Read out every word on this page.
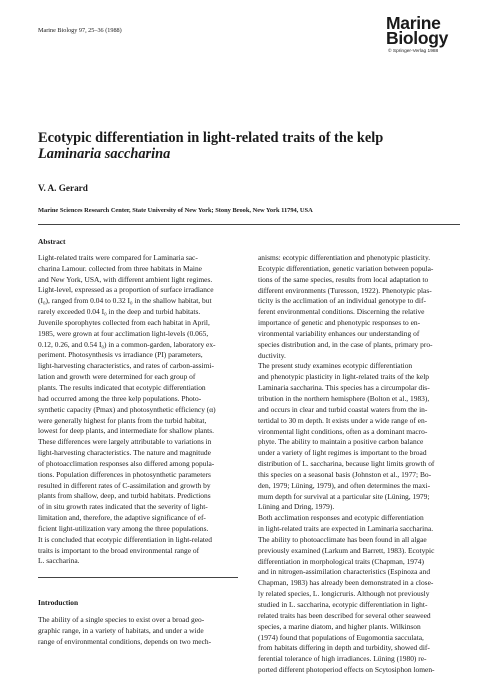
Marine Biology 97, 25–36 (1988)	Marine
Biology
© Springer-Verlag 1988
Ecotypic differentiation in light-related traits of the kelp
Laminaria saccharina
V. A. Gerard
Marine Sciences Research Center, State University of New York; Stony Brook, New York 11794, USA
Abstract
Light-related traits were compared for Laminaria sac-
charina Lamour. collected from three habitats in Maine
and New York, USA, with different ambient light regimes.
Light-level, expressed as a proportion of surface irradiance
(I₀), ranged from 0.04 to 0.32 I₀ in the shallow habitat, but
rarely exceeded 0.04 I₀ in the deep and turbid habitats.
Juvenile sporophytes collected from each habitat in April,
1985, were grown at four acclimation light-levels (0.065,
0.12, 0.26, and 0.54 I₀) in a common-garden, laboratory ex-
periment. Photosynthesis vs irradiance (PI) parameters,
light-harvesting characteristics, and rates of carbon-assimi-
lation and growth were determined for each group of
plants. The results indicated that ecotypic differentiation
had occurred among the three kelp populations. Photo-
synthetic capacity (Pmax) and photosynthetic efficiency (α)
were generally highest for plants from the turbid habitat,
lowest for deep plants, and intermediate for shallow plants.
These differences were largely attributable to variations in
light-harvesting characteristics. The nature and magnitude
of photoacclimation responses also differed among popula-
tions. Population differences in photosynthetic parameters
resulted in different rates of C-assimilation and growth by
plants from shallow, deep, and turbid habitats. Predictions
of in situ growth rates indicated that the severity of light-
limitation and, therefore, the adaptive significance of ef-
ficient light-utilization vary among the three populations.
It is concluded that ecotypic differentiation in light-related
traits is important to the broad environmental range of
L. saccharina.
Introduction
The ability of a single species to exist over a broad geo-
graphic range, in a variety of habitats, and under a wide
range of environmental conditions, depends on two mech-
anisms: ecotypic differentiation and phenotypic plasticity.
Ecotypic differentiation, genetic variation between popula-
tions of the same species, results from local adaptation to
different environments (Turesson, 1922). Phenotypic plas-
ticity is the acclimation of an individual genotype to dif-
ferent environmental conditions. Discerning the relative
importance of genetic and phenotypic responses to en-
vironmental variability enhances our understanding of
species distribution and, in the case of plants, primary pro-
ductivity.
The present study examines ecotypic differentiation
and phenotypic plasticity in light-related traits of the kelp
Laminaria saccharina. This species has a circumpolar dis-
tribution in the northern hemisphere (Bolton et al., 1983),
and occurs in clear and turbid coastal waters from the in-
tertidal to 30 m depth. It exists under a wide range of en-
vironmental light conditions, often as a dominant macro-
phyte. The ability to maintain a positive carbon balance
under a variety of light regimes is important to the broad
distribution of L. saccharina, because light limits growth of
this species on a seasonal basis (Johnston et al., 1977; Bo-
den, 1979; Lüning, 1979), and often determines the maxi-
mum depth for survival at a particular site (Lüning, 1979;
Lüning and Dring, 1979).
Both acclimation responses and ecotypic differentiation
in light-related traits are expected in Laminaria saccharina.
The ability to photoacclimate has been found in all algae
previously examined (Larkum and Barrett, 1983). Ecotypic
differentiation in morphological traits (Chapman, 1974)
and in nitrogen-assimilation characteristics (Espinoza and
Chapman, 1983) has already been demonstrated in a close-
ly related species, L. longicruris. Although not previously
studied in L. saccharina, ecotypic differentiation in light-
related traits has been described for several other seaweed
species, a marine diatom, and higher plants. Wilkinson
(1974) found that populations of Eugomontia sacculata,
from habitats differing in depth and turbidity, showed dif-
ferential tolerance of high irradiances. Lüning (1980) re-
ported different photoperiod effects on Scytosiphon lomen-
